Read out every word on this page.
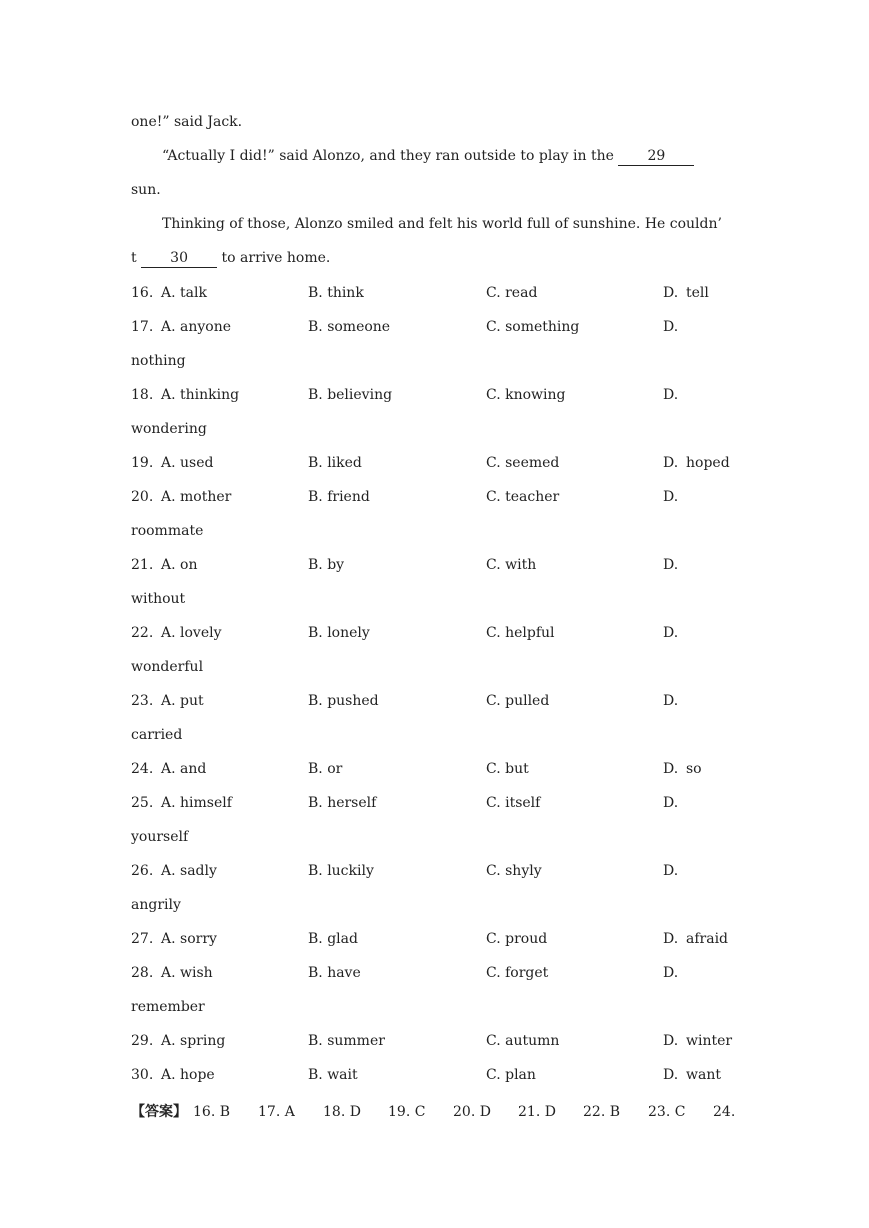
one!” said Jack.
“Actually I did!” said Alonzo, and they ran outside to play in the 29
sun.
Thinking of those, Alonzo smiled and felt his world full of sunshine. He couldn’
t 30 to arrive home.
16. A. talk	B. think	C. read	D. tell
17. A. anyone	B. someone	C. something	D.
nothing
18. A. thinking	B. believing	C. knowing	D.
wondering
19. A. used	B. liked	C. seemed	D. hoped
20. A. mother	B. friend	C. teacher	D.
roommate
21. A. on	B. by	C. with	D.
without
22. A. lovely	B. lonely	C. helpful	D.
wonderful
23. A. put	B. pushed	C. pulled	D.
carried
24. A. and	B. or	C. but	D. so
25. A. himself	B. herself	C. itself	D.
yourself
26. A. sadly	B. luckily	C. shyly	D.
angrily
27. A. sorry	B. glad	C. proud	D. afraid
28. A. wish	B. have	C. forget	D.
remember
29. A. spring	B. summer	C. autumn	D. winter
30. A. hope	B. wait	C. plan	D. want
【答案】 16. B 17. A 18. D 19. C 20. D 21. D 22. B 23. C 24.
